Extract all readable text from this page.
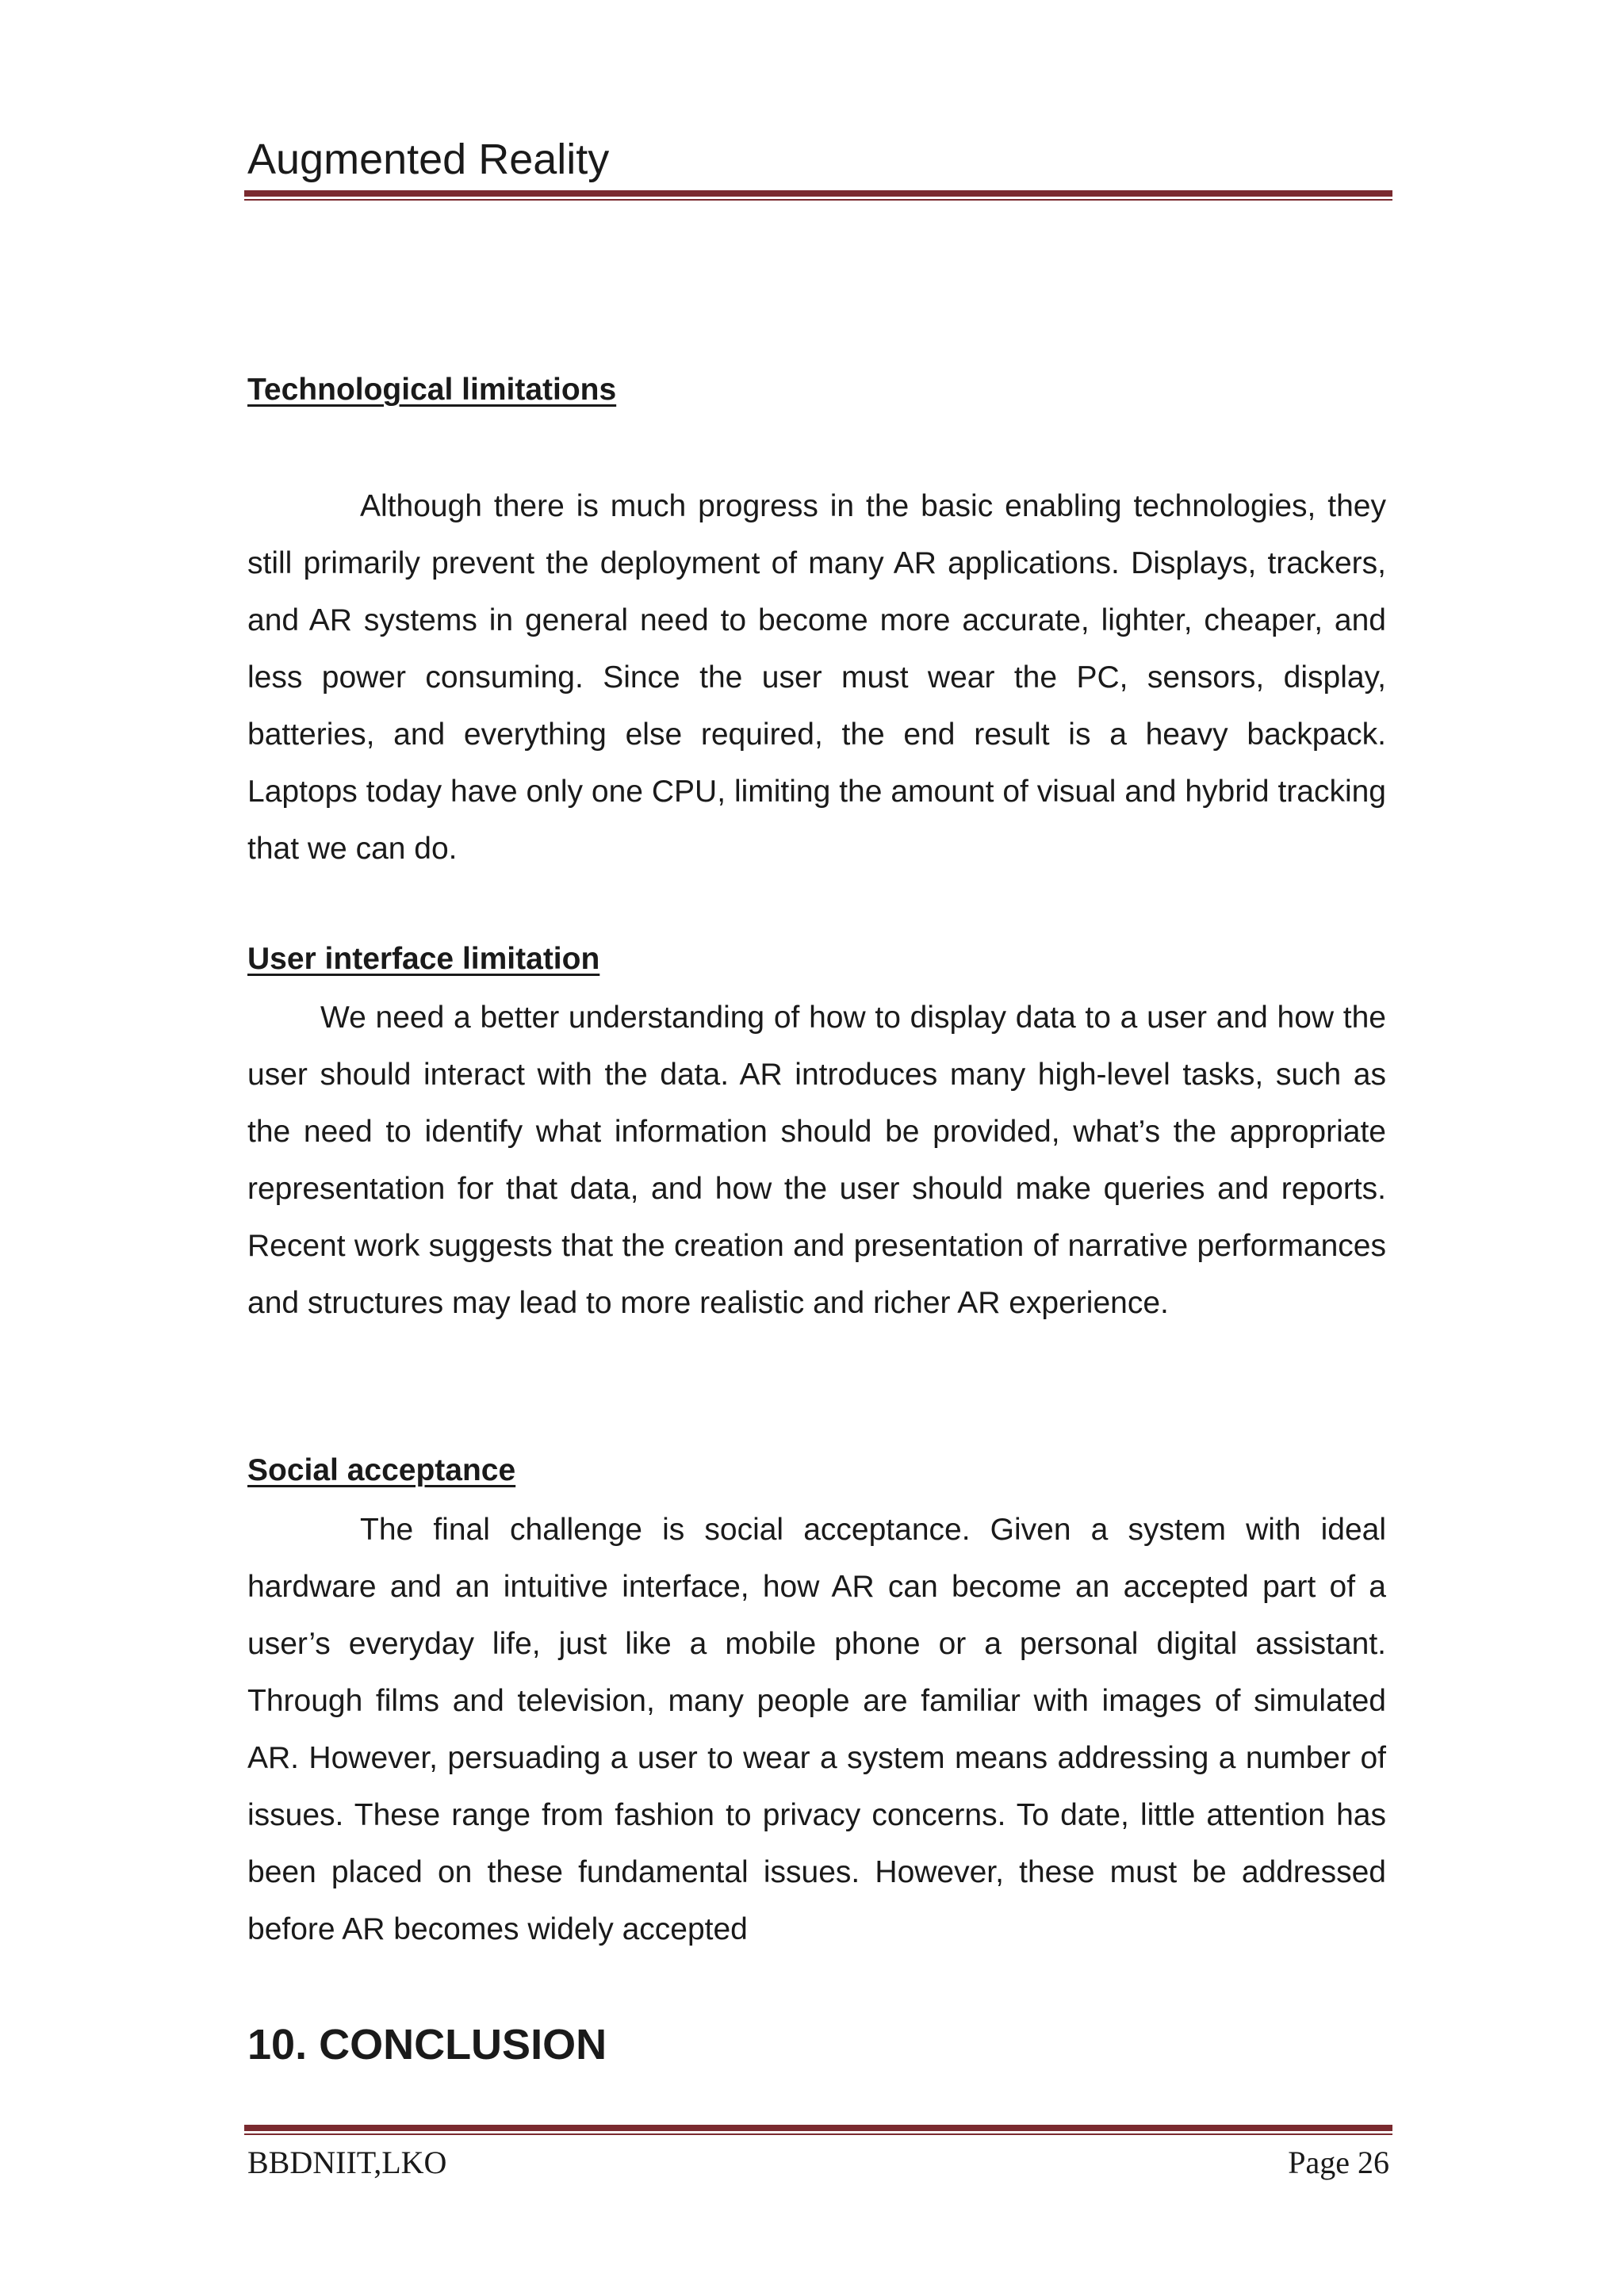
Augmented Reality
Technological limitations

Although there is much progress in the basic enabling technologies, they still primarily prevent the deployment of many AR applications. Displays, trackers, and AR systems in general need to become more accurate, lighter, cheaper, and less power consuming. Since the user must wear the PC, sensors, display, batteries, and everything else required, the end result is a heavy backpack. Laptops today have only one CPU, limiting the amount of visual and hybrid tracking that we can do.

User interface limitation

We need a better understanding of how to display data to a user and how the user should interact with the data. AR introduces many high-level tasks, such as the need to identify what information should be provided, what’s the appropriate representation for that data, and how the user should make queries and reports. Recent work suggests that the creation and presentation of narrative performances and structures may lead to more realistic and richer AR experience.

Social acceptance

The final challenge is social acceptance. Given a system with ideal hardware and an intuitive interface, how AR can become an accepted part of a user’s everyday life, just like a mobile phone or a personal digital assistant. Through films and television, many people are familiar with images of simulated AR. However, persuading a user to wear a system means addressing a number of issues. These range from fashion to privacy concerns. To date, little attention has been placed on these fundamental issues. However, these must be addressed before AR becomes widely accepted

10. CONCLUSION
BBDNIIT,LKO	Page 26
